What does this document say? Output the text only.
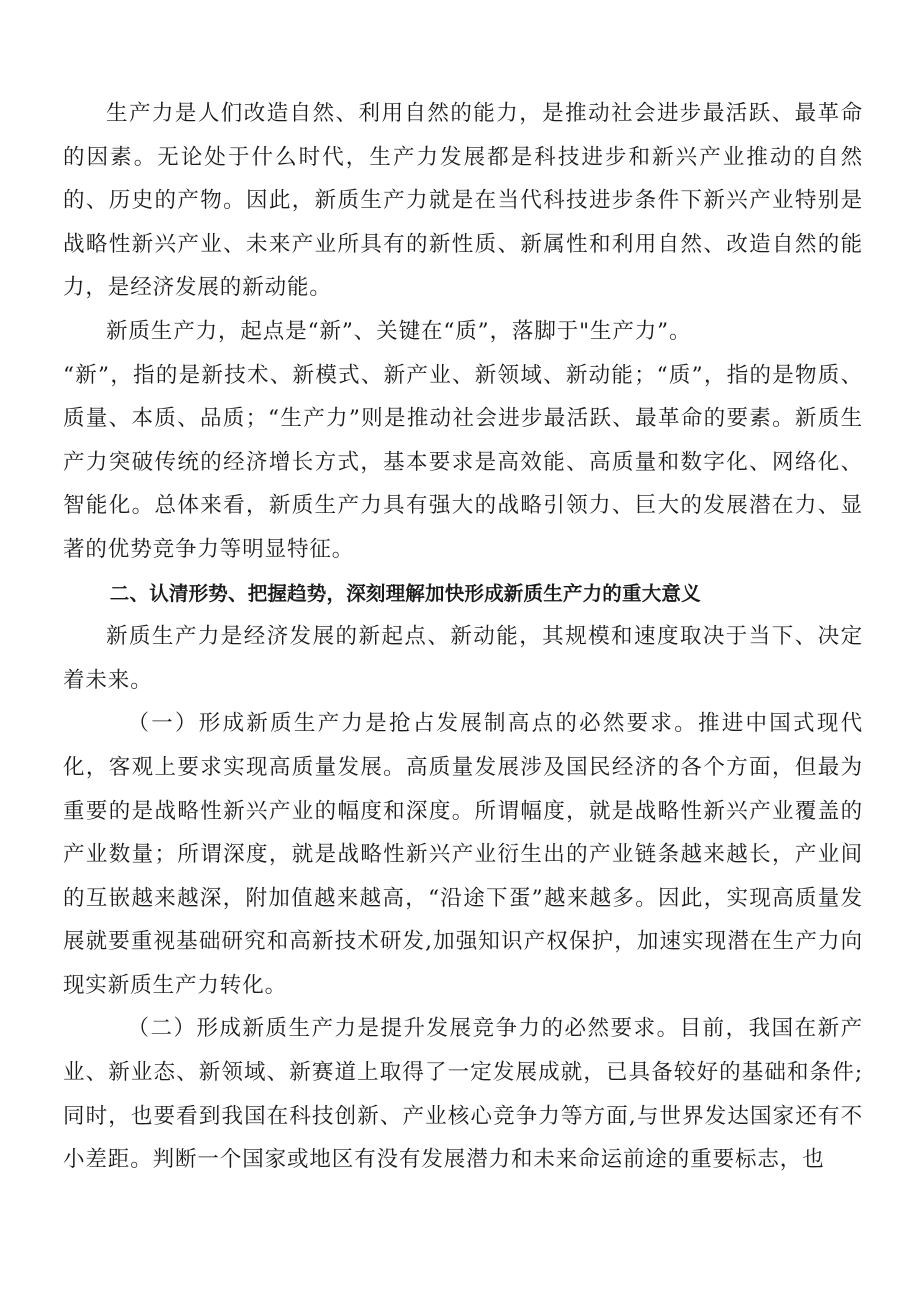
生产力是人们改造自然、利用自然的能力，是推动社会进步最活跃、最革命的因素。无论处于什么时代，生产力发展都是科技进步和新兴产业推动的自然的、历史的产物。因此，新质生产力就是在当代科技进步条件下新兴产业特别是战略性新兴产业、未来产业所具有的新性质、新属性和利用自然、改造自然的能力，是经济发展的新动能。

新质生产力，起点是“新”、关键在“质”，落脚于"生产力”。

“新”，指的是新技术、新模式、新产业、新领域、新动能；“质”，指的是物质、质量、本质、品质；“生产力”则是推动社会进步最活跃、最革命的要素。新质生产力突破传统的经济增长方式，基本要求是高效能、高质量和数字化、网络化、智能化。总体来看，新质生产力具有强大的战略引领力、巨大的发展潜在力、显著的优势竞争力等明显特征。

二、认清形势、把握趋势，深刻理解加快形成新质生产力的重大意义

新质生产力是经济发展的新起点、新动能，其规模和速度取决于当下、决定着未来。

（一）形成新质生产力是抢占发展制高点的必然要求。推进中国式现代化，客观上要求实现高质量发展。高质量发展涉及国民经济的各个方面，但最为重要的是战略性新兴产业的幅度和深度。所谓幅度，就是战略性新兴产业覆盖的产业数量；所谓深度，就是战略性新兴产业衍生出的产业链条越来越长，产业间的互嵌越来越深，附加值越来越高，“沿途下蛋”越来越多。因此，实现高质量发展就要重视基础研究和高新技术研发,加强知识产权保护，加速实现潜在生产力向现实新质生产力转化。

（二）形成新质生产力是提升发展竞争力的必然要求。目前，我国在新产业、新业态、新领域、新赛道上取得了一定发展成就，已具备较好的基础和条件;同时，也要看到我国在科技创新、产业核心竞争力等方面,与世界发达国家还有不小差距。判断一个国家或地区有没有发展潜力和未来命运前途的重要标志，也
